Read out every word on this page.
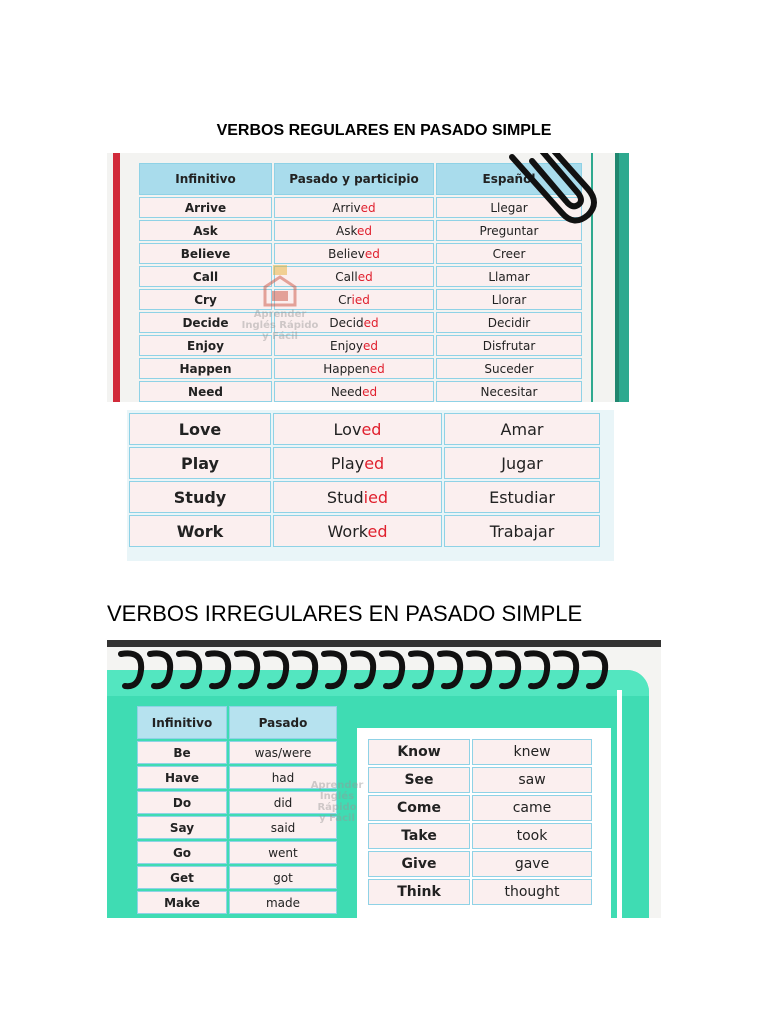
VERBOS REGULARES EN PASADO SIMPLE
Infinitivo	Pasado y participio	Español
Arrive	Arrived	Llegar
Ask	Asked	Preguntar
Believe	Believed	Creer
Call	Called	Llamar
Cry	Cried	Llorar
Decide	Decided	Decidir
Enjoy	Enjoyed	Disfrutar
Happen	Happened	Suceder
Need	Needed	Necesitar
Aprender
Inglés Rápido
y Fácil
Love	Loved	Amar
Play	Played	Jugar
Study	Studied	Estudiar
Work	Worked	Trabajar
VERBOS IRREGULARES EN PASADO SIMPLE
Infinitivo	Pasado
Be	was/were
Have	had
Do	did
Say	said
Go	went
Get	got
Make	made
Know	knew
See	saw
Come	came
Take	took
Give	gave
Think	thought
Aprender
Inglés Rápido
y Fácil
